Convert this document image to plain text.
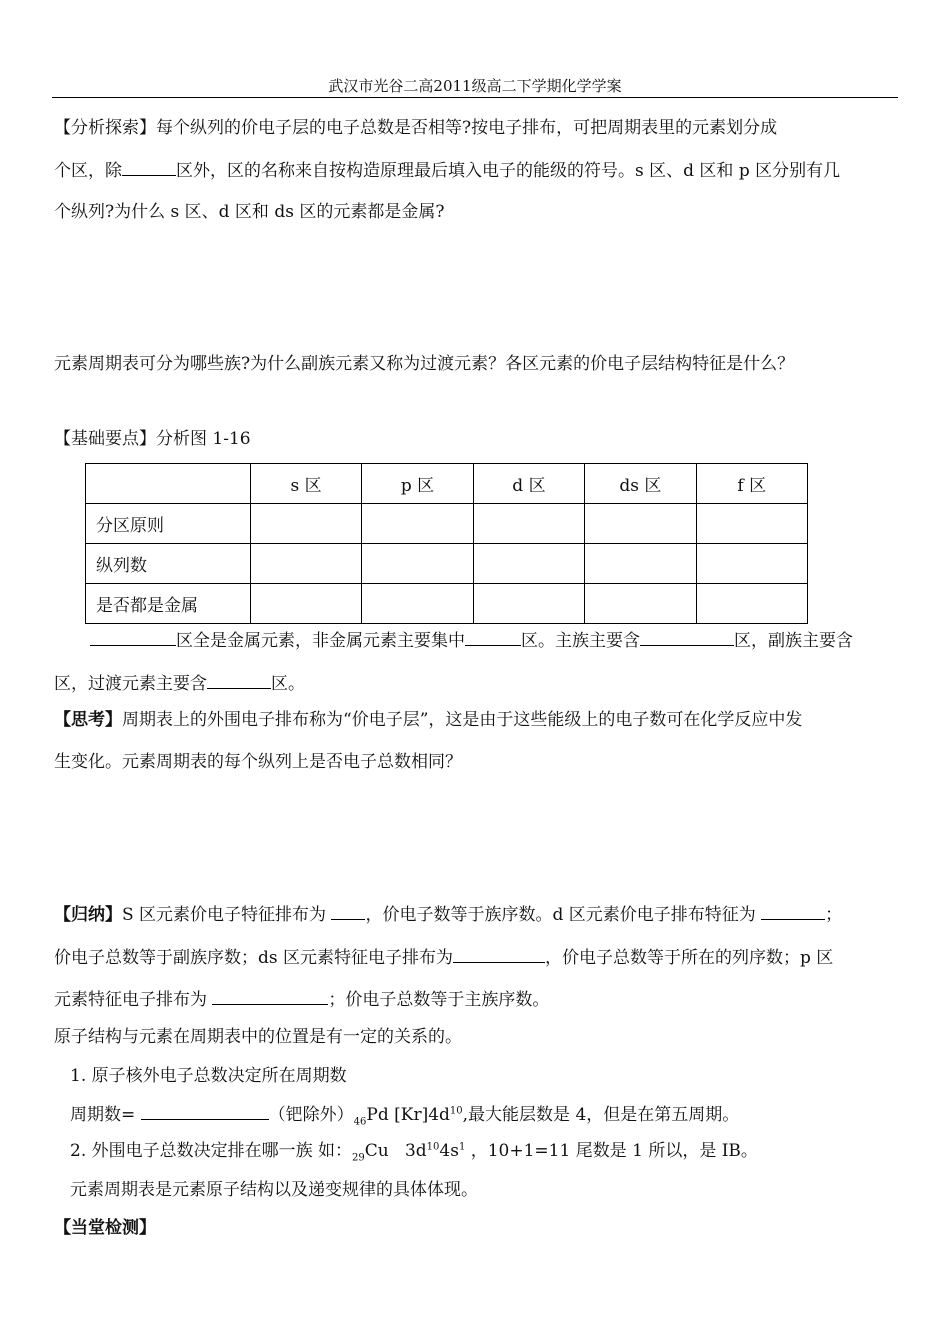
武汉市光谷二高2011级高二下学期化学学案
【分析探索】每个纵列的价电子层的电子总数是否相等?按电子排布，可把周期表里的元素划分成
个区，除	区外，区的名称来自按构造原理最后填入电子的能级的符号。s 区、d 区和 p 区分别有几
个纵列?为什么 s 区、d 区和 ds 区的元素都是金属?
元素周期表可分为哪些族?为什么副族元素又称为过渡元素？各区元素的价电子层结构特征是什么？
【基础要点】分析图 1-16
	s 区	p 区	d 区	ds 区	f 区
分区原则					
纵列数					
是否都是金属					
区全是金属元素，非金属元素主要集中	区。主族主要含	区，副族主要含
区，过渡元素主要含	区。
【思考】周期表上的外围电子排布称为“价电子层”，这是由于这些能级上的电子数可在化学反应中发
生变化。元素周期表的每个纵列上是否电子总数相同？
【归纳】S 区元素价电子特征排布为 ，价电子数等于族序数。d 区元素价电子排布特征为	；
价电子总数等于副族序数；ds 区元素特征电子排布为	，价电子总数等于所在的列序数；p 区
元素特征电子排布为	；价电子总数等于主族序数。
原子结构与元素在周期表中的位置是有一定的关系的。
1. 原子核外电子总数决定所在周期数
周期数=	（钯除外）$_{46}Pd$ $[Kr]4d^{10}$,最大能层数是 4，但是在第五周期。
2. 外围电子总数决定排在哪一族 如：$_{29}$Cu $3d^{10}4s^1$ ，10+1=11 尾数是 1 所以，是 IB。
元素周期表是元素原子结构以及递变规律的具体体现。
【当堂检测】
